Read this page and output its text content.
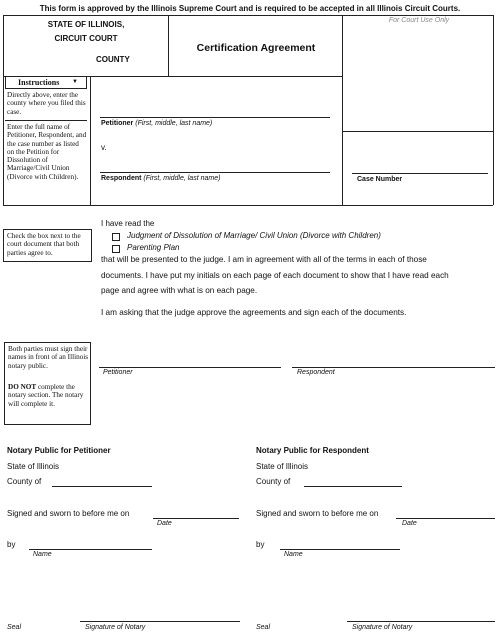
This form is approved by the Illinois Supreme Court and is required to be accepted in all Illinois Circuit Courts.
STATE OF ILLINOIS,
CIRCUIT COURT
COUNTY
Certification Agreement
For Court Use Only
Instructions ▼
Directly above, enter the county where you filed this case.
Enter the full name of Petitioner, Respondent, and the case number as listed on the Petition for Dissolution of Marriage/Civil Union (Divorce with Children).
Petitioner (First, middle, last name)
v.
Respondent (First, middle, last name)	Case Number
Check the box next to the court document that both parties agree to.
I have read the
Judgment of Dissolution of Marriage/ Civil Union (Divorce with Children)
Parenting Plan
that will be presented to the judge. I am in agreement with all of the terms in each of those
documents. I have put my initials on each page of each document to show that I have read each
page and agree with what is on each page.
I am asking that the judge approve the agreements and sign each of the documents.
Both parties must sign their names in front of an Illinois notary public.
DO NOT complete the notary section. The notary will complete it.
Petitioner	Respondent
Notary Public for Petitioner
State of Illinois
County of
Signed and sworn to before me on
Date
by
Name
Seal	Signature of Notary
Notary Public for Respondent
State of Illinois
County of
Signed and sworn to before me on
Date
by
Name
Seal	Signature of Notary
